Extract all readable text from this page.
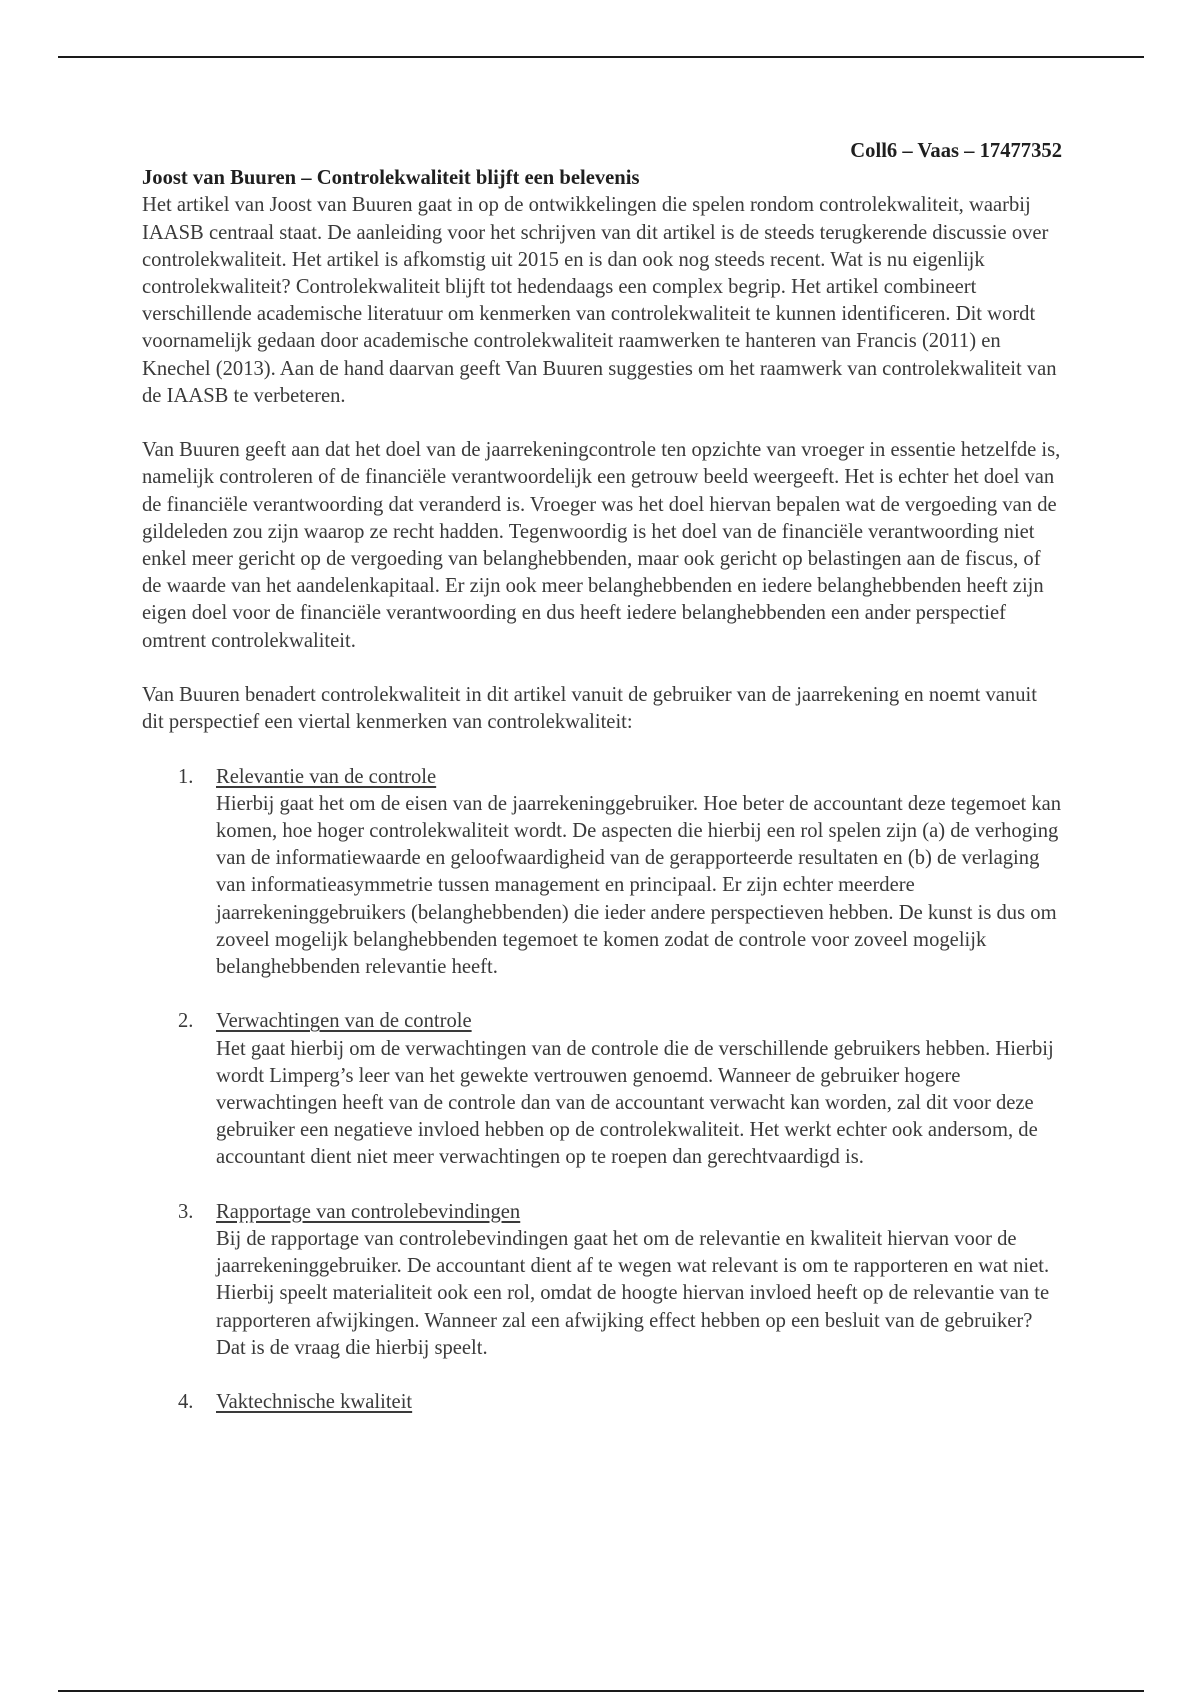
Coll6 – Vaas – 17477352
Joost van Buuren – Controlekwaliteit blijft een belevenis

Het artikel van Joost van Buuren gaat in op de ontwikkelingen die spelen rondom controlekwaliteit, waarbij IAASB centraal staat. De aanleiding voor het schrijven van dit artikel is de steeds terugkerende discussie over controlekwaliteit. Het artikel is afkomstig uit 2015 en is dan ook nog steeds recent. Wat is nu eigenlijk controlekwaliteit? Controlekwaliteit blijft tot hedendaags een complex begrip. Het artikel combineert verschillende academische literatuur om kenmerken van controlekwaliteit te kunnen identificeren. Dit wordt voornamelijk gedaan door academische controlekwaliteit raamwerken te hanteren van Francis (2011) en Knechel (2013). Aan de hand daarvan geeft Van Buuren suggesties om het raamwerk van controlekwaliteit van de IAASB te verbeteren.

Van Buuren geeft aan dat het doel van de jaarrekeningcontrole ten opzichte van vroeger in essentie hetzelfde is, namelijk controleren of de financiële verantwoordelijk een getrouw beeld weergeeft. Het is echter het doel van de financiële verantwoording dat veranderd is. Vroeger was het doel hiervan bepalen wat de vergoeding van de gildeleden zou zijn waarop ze recht hadden. Tegenwoordig is het doel van de financiële verantwoording niet enkel meer gericht op de vergoeding van belanghebbenden, maar ook gericht op belastingen aan de fiscus, of de waarde van het aandelenkapitaal. Er zijn ook meer belanghebbenden en iedere belanghebbenden heeft zijn eigen doel voor de financiële verantwoording en dus heeft iedere belanghebbenden een ander perspectief omtrent controlekwaliteit.

Van Buuren benadert controlekwaliteit in dit artikel vanuit de gebruiker van de jaarrekening en noemt vanuit dit perspectief een viertal kenmerken van controlekwaliteit:

1. Relevantie van de controle
Hierbij gaat het om de eisen van de jaarrekeninggebruiker. Hoe beter de accountant deze tegemoet kan komen, hoe hoger controlekwaliteit wordt. De aspecten die hierbij een rol spelen zijn (a) de verhoging van de informatiewaarde en geloofwaardigheid van de gerapporteerde resultaten en (b) de verlaging van informatieasymmetrie tussen management en principaal. Er zijn echter meerdere jaarrekeninggebruikers (belanghebbenden) die ieder andere perspectieven hebben. De kunst is dus om zoveel mogelijk belanghebbenden tegemoet te komen zodat de controle voor zoveel mogelijk belanghebbenden relevantie heeft.
2. Verwachtingen van de controle
Het gaat hierbij om de verwachtingen van de controle die de verschillende gebruikers hebben. Hierbij wordt Limperg’s leer van het gewekte vertrouwen genoemd. Wanneer de gebruiker hogere verwachtingen heeft van de controle dan van de accountant verwacht kan worden, zal dit voor deze gebruiker een negatieve invloed hebben op de controlekwaliteit. Het werkt echter ook andersom, de accountant dient niet meer verwachtingen op te roepen dan gerechtvaardigd is.
3. Rapportage van controlebevindingen
Bij de rapportage van controlebevindingen gaat het om de relevantie en kwaliteit hiervan voor de jaarrekeninggebruiker. De accountant dient af te wegen wat relevant is om te rapporteren en wat niet. Hierbij speelt materialiteit ook een rol, omdat de hoogte hiervan invloed heeft op de relevantie van te rapporteren afwijkingen. Wanneer zal een afwijking effect hebben op een besluit van de gebruiker? Dat is de vraag die hierbij speelt.
4. Vaktechnische kwaliteit
